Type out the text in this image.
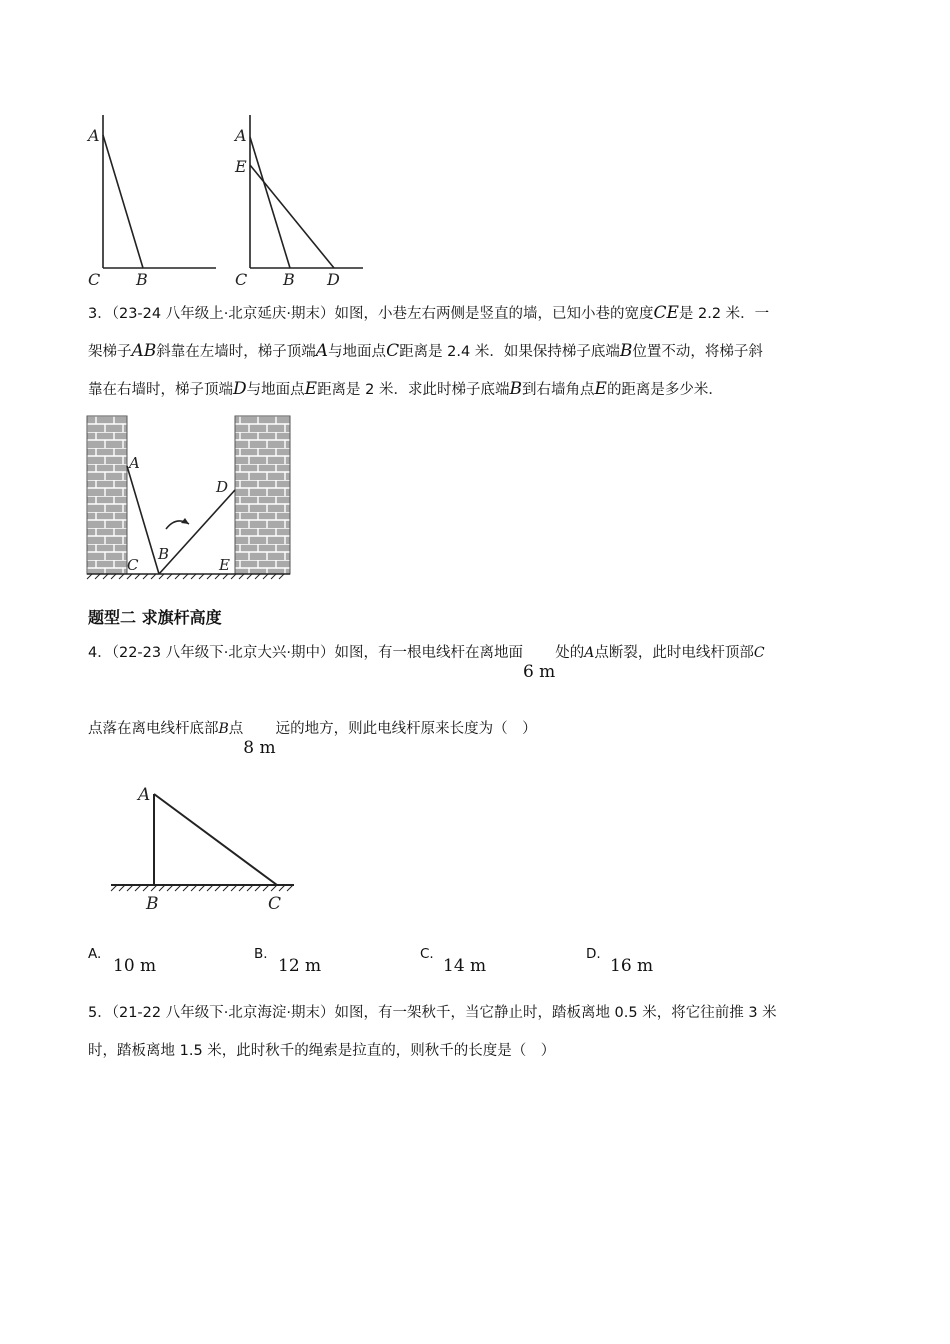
A
C B
A
E
C B D
3．（23-24 八年级上·北京延庆·期末）如图，小巷左右两侧是竖直的墙，已知小巷的宽度CE是 2.2 米．一
架梯子AB斜靠在左墙时，梯子顶端A与地面点C距离是 2.4 米．如果保持梯子底端B位置不动，将梯子斜
靠在右墙时，梯子顶端D与地面点E距离是 2 米．求此时梯子底端B到右墙角点E的距离是多少米．
A
D
B
C	E
题型二 求旗杆高度
4．（22-23 八年级下·北京大兴·期中）如图，有一根电线杆在离地面6 m处的A点断裂，此时电线杆顶部C
点落在离电线杆底部B点8 m远的地方，则此电线杆原来长度为（　）
A
B	C
A.
10 m
B.
12 m
C.
14 m
D.
16 m
5．（21-22 八年级下·北京海淀·期末）如图，有一架秋千，当它静止时，踏板离地 0.5 米，将它往前推 3 米
时，踏板离地 1.5 米，此时秋千的绳索是拉直的，则秋千的长度是（　）
